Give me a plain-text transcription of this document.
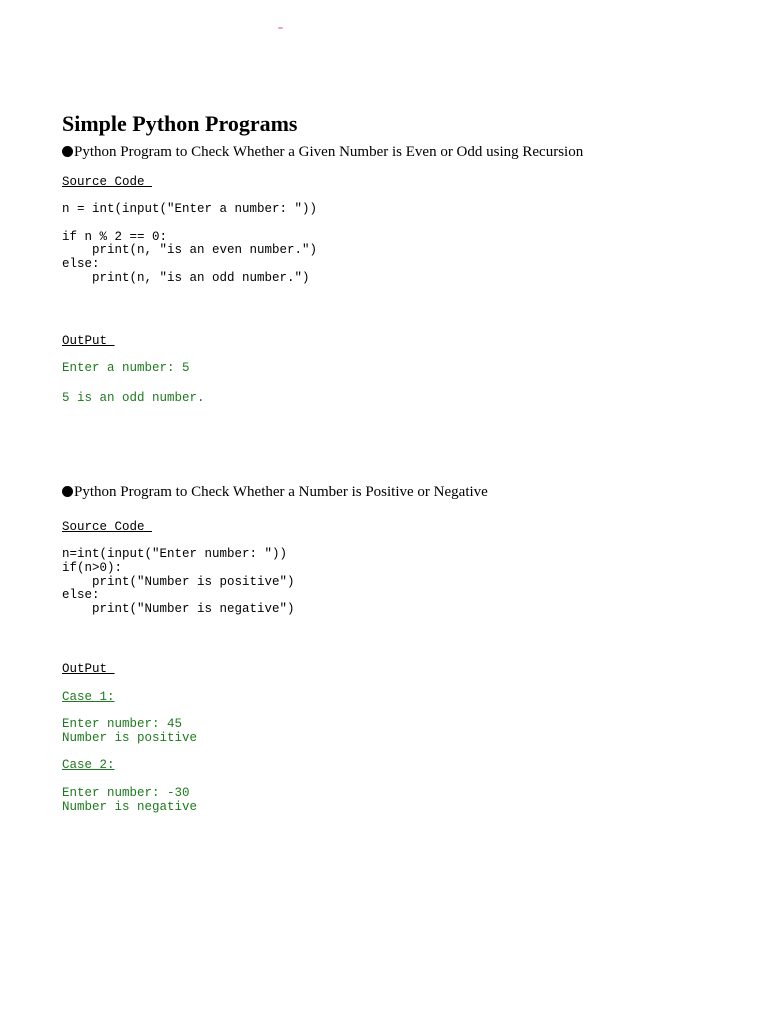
Simple Python Programs
Python Program to Check Whether a Given Number is Even or Odd using Recursion
Source Code
n = int(input("Enter a number: "))

if n % 2 == 0:
print(n, "is an even number.")
else:
print(n, "is an odd number.")
OutPut
Enter a number: 5
5 is an odd number.
Python Program to Check Whether a Number is Positive or Negative
Source Code
n=int(input("Enter number: "))
if(n>0):
print("Number is positive")
else:
print("Number is negative")
OutPut
Case 1:
Enter number: 45
Number is positive
Case 2:
Enter number: -30
Number is negative
